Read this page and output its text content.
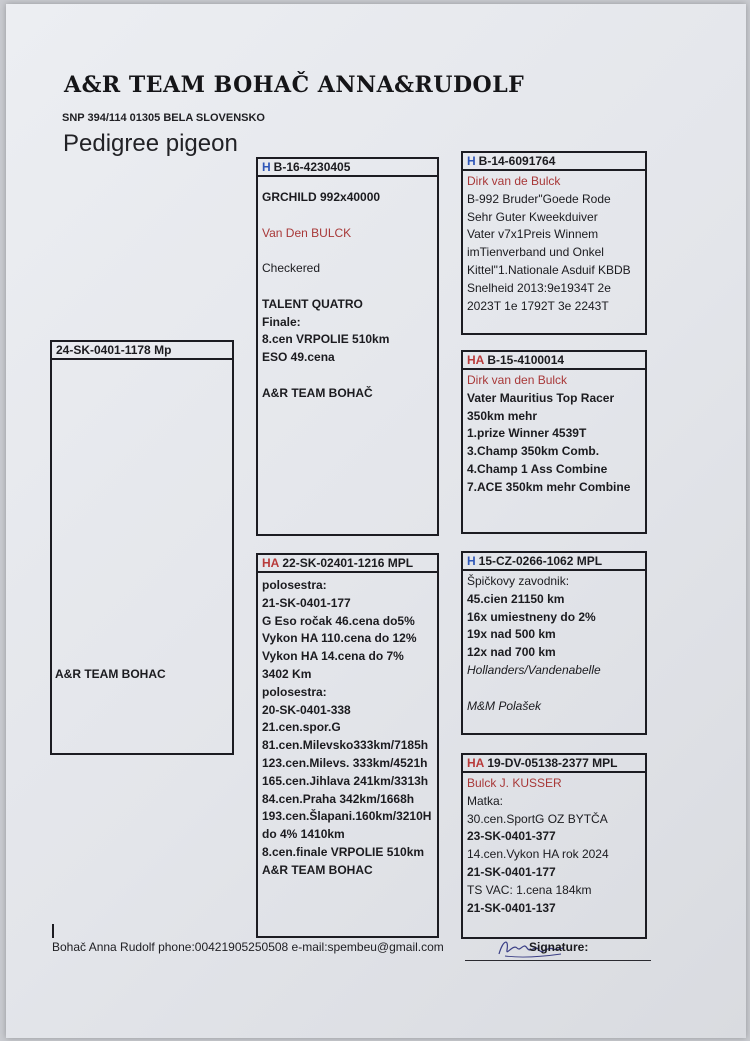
A&R TEAM BOHAČ ANNA&RUDOLF
SNP 394/114 01305 BELA SLOVENSKO
Pedigree pigeon
24-SK-0401-1178 Mp
A&R TEAM BOHAC
H B-16-4230405
GRCHILD 992x40000
Van Den BULCK
Checkered
TALENT QUATRO
Finale:
8.cen VRPOLIE 510km
ESO 49.cena
A&R TEAM BOHAČ
HA 22-SK-02401-1216 MPL
polosestra:
21-SK-0401-177
G Eso ročak 46.cena do5%
Vykon HA 110.cena do 12%
Vykon HA 14.cena do 7%
3402 Km
polosestra:
20-SK-0401-338
21.cen.spor.G
81.cen.Milevsko333km/7185h
123.cen.Milevs. 333km/4521h
165.cen.Jihlava 241km/3313h
84.cen.Praha 342km/1668h
193.cen.Šlapani.160km/3210H
do 4% 1410km
8.cen.finale VRPOLIE 510km
A&R TEAM BOHAC
H B-14-6091764
Dirk van de Bulck
B-992 Bruder"Goede Rode
Sehr Guter Kweekduiver
Vater v7x1Preis Winnem
imTienverband und Onkel
Kittel"1.Nationale Asduif KBDB
Snelheid 2013:9e1934T 2e
2023T 1e 1792T 3e 2243T
HA B-15-4100014
Dirk van den Bulck
Vater Mauritius Top Racer
350km mehr
1.prize Winner 4539T
3.Champ 350km Comb.
4.Champ 1 Ass Combine
7.ACE 350km mehr Combine
H 15-CZ-0266-1062 MPL
Špičkovy zavodnik:
45.cien 21150 km
16x umiestneny do 2%
19x nad 500 km
12x nad 700 km
Hollanders/Vandenabelle
M&M Polašek
HA 19-DV-05138-2377 MPL
Bulck J. KUSSER
Matka:
30.cen.SportG OZ BYTČA
23-SK-0401-377
14.cen.Vykon HA rok 2024
21-SK-0401-177
TS VAC: 1.cena 184km
21-SK-0401-137
Bohač Anna Rudolf phone:00421905250508 e-mail:spembeu@gmail.com	Signature:
